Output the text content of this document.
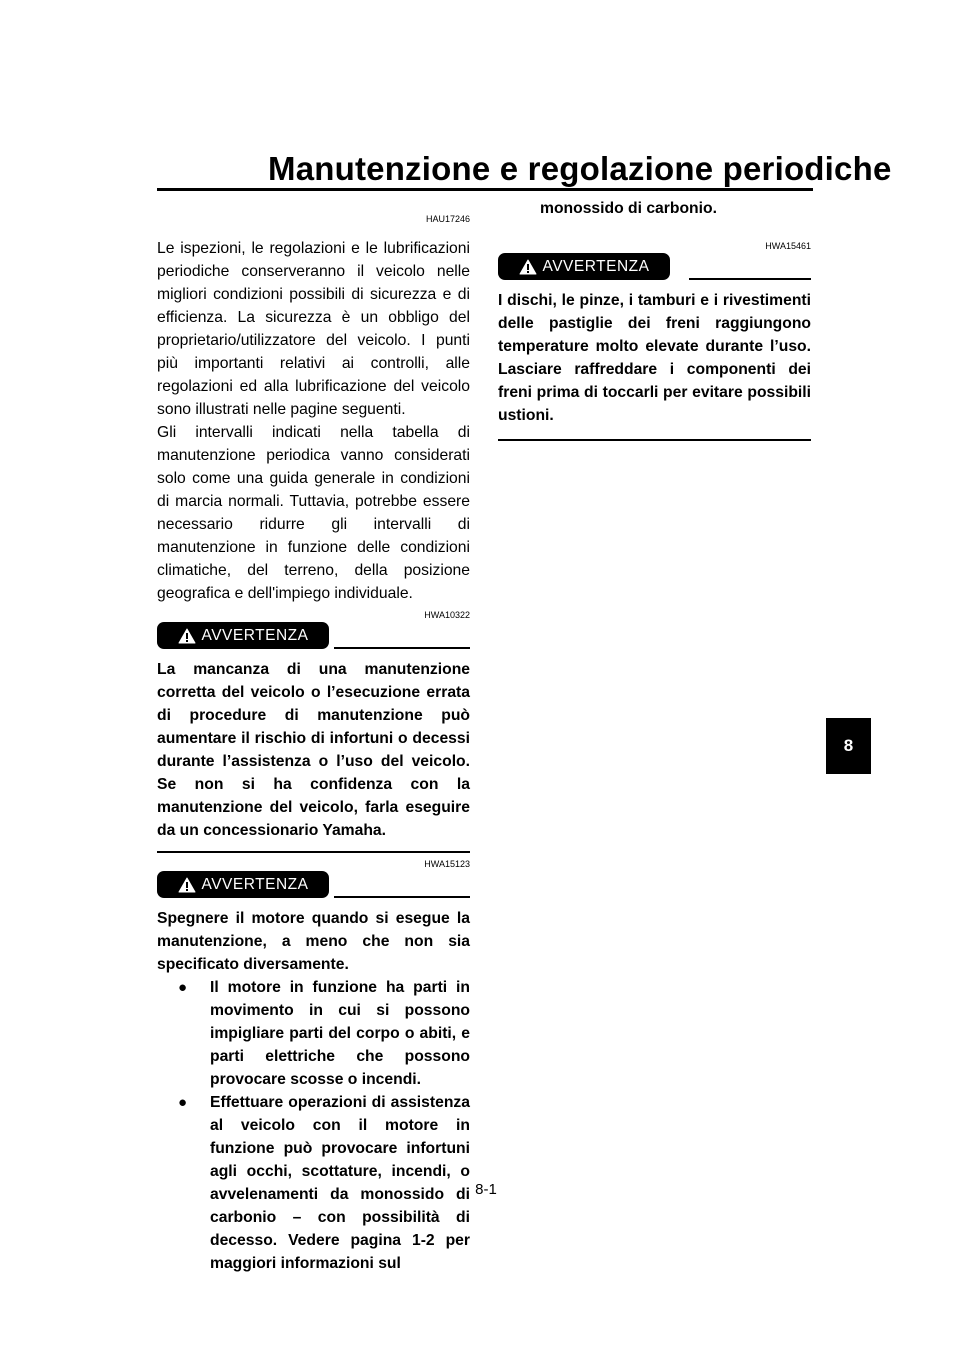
Manutenzione e regolazione periodiche

HAU17246

Le ispezioni, le regolazioni e le lubrificazioni periodiche conserveranno il veicolo nelle migliori condizioni possibili di sicurezza e di efficienza. La sicurezza è un obbligo del proprietario/utilizzatore del veicolo. I punti più importanti relativi ai controlli, alle regolazioni ed alla lubrificazione del veicolo sono illustrati nelle pagine seguenti.

Gli intervalli indicati nella tabella di manutenzione periodica vanno considerati solo come una guida generale in condizioni di marcia normali. Tuttavia, potrebbe essere necessario ridurre gli intervalli di manutenzione in funzione delle condizioni climatiche, del terreno, della posizione geografica e dell'impiego individuale.

HWA10322

AVVERTENZA

La mancanza di una manutenzione corretta del veicolo o l’esecuzione errata di procedure di manutenzione può aumentare il rischio di infortuni o decessi durante l’assistenza o l’uso del veicolo. Se non si ha confidenza con la manutenzione del veicolo, farla eseguire da un concessionario Yamaha.

HWA15123

AVVERTENZA

Spegnere il motore quando si esegue la manutenzione, a meno che non sia specificato diversamente.

● Il motore in funzione ha parti in movimento in cui si possono impigliare parti del corpo o abiti, e parti elettriche che possono provocare scosse o incendi.
● Effettuare operazioni di assistenza al veicolo con il motore in funzione può provocare infortuni agli occhi, scottature, incendi, o avvelenamenti da monossido di carbonio – con possibilità di decesso. Vedere pagina 1-2 per maggiori informazioni sul

monossido di carbonio.

HWA15461

AVVERTENZA

I dischi, le pinze, i tamburi e i rivestimenti delle pastiglie dei freni raggiungono temperature molto elevate durante l’uso. Lasciare raffreddare i componenti dei freni prima di toccarli per evitare possibili ustioni.

8
8-1
